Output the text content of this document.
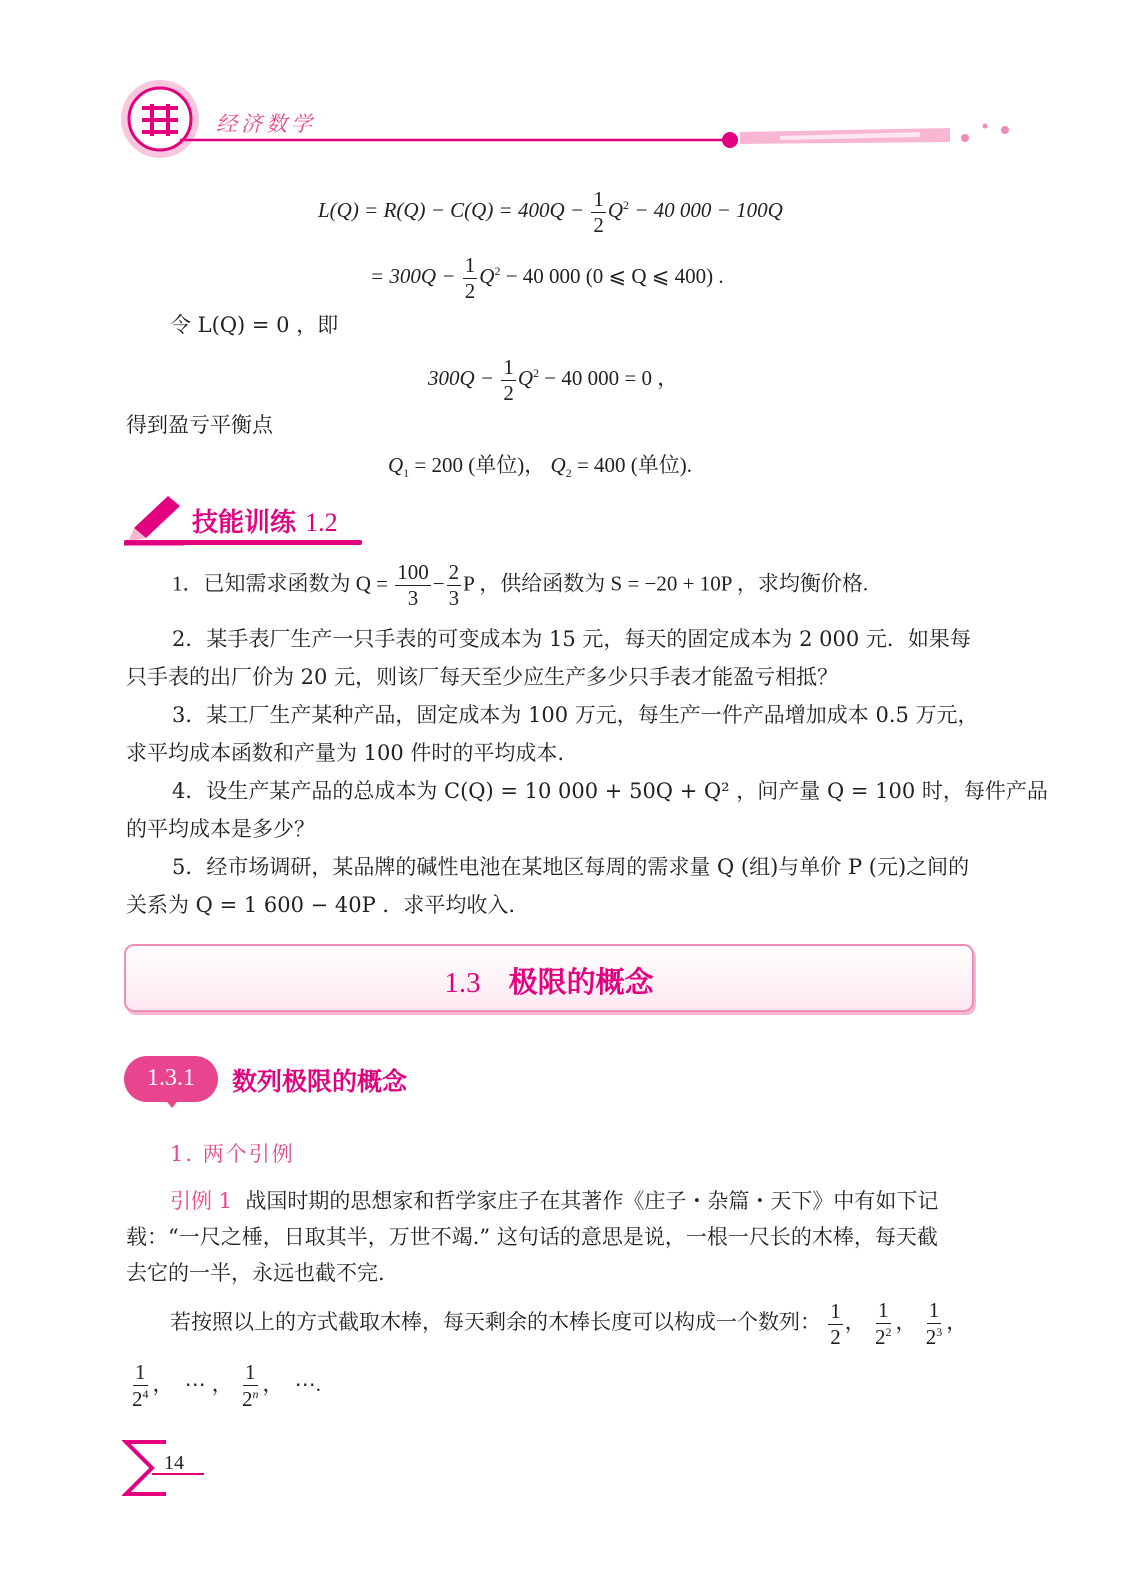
经济数学
$L(Q) = R(Q) - C(Q) = 400Q - \frac{1}{2} Q^2 - 40$ 000 − 100Q
= $300Q - \frac{1}{2} Q^2 - 40$ 000 (0 ⩽ Q ⩽ 400) .
令 L(Q) = 0 ，即
$300Q - \frac{1}{2} Q^2 - 40$ 000 = 0 ，
得到盈亏平衡点
$Q_1 = 200$ (单位)， $Q_2 = 400$ (单位).
技能训练 1.2
1．已知需求函数为 $Q = \frac{100}{3} - \frac{2}{3}$ P ，供给函数为 S = −20 + 10P ，求均衡价格.
2．某手表厂生产一只手表的可变成本为 15 元，每天的固定成本为 2 000 元．如果每
只手表的出厂价为 20 元，则该厂每天至少应生产多少只手表才能盈亏相抵？
3．某工厂生产某种产品，固定成本为 100 万元，每生产一件产品增加成本 0.5 万元，
求平均成本函数和产量为 100 件时的平均成本.
4．设生产某产品的总成本为 C(Q) = 10 000 + 50Q + Q² ，问产量 Q = 100 时，每件产品
的平均成本是多少？
5．经市场调研，某品牌的碱性电池在某地区每周的需求量 Q (组)与单价 P (元)之间的
关系为 Q = 1 600 − 40P ．求平均收入.
1.3 极限的概念
1.3.1	数列极限的概念
1. 两个引例
引例 1 战国时期的思想家和哲学家庄子在其著作《庄子・杂篇・天下》中有如下记
载：“一尺之棰，日取其半，万世不竭.” 这句话的意思是说，一根一尺长的木棒，每天截
去它的一半，永远也截不完.
若按照以上的方式截取木棒，每天剩余的木棒长度可以构成一个数列： $\frac{1}{2}$ ， $\frac{1}{2^2}$ ， $\frac{1}{2^3}$ ，
$\frac{1}{2^4}$ ， ⋯ ， $\frac{1}{2^n}$ ， ⋯.
14
